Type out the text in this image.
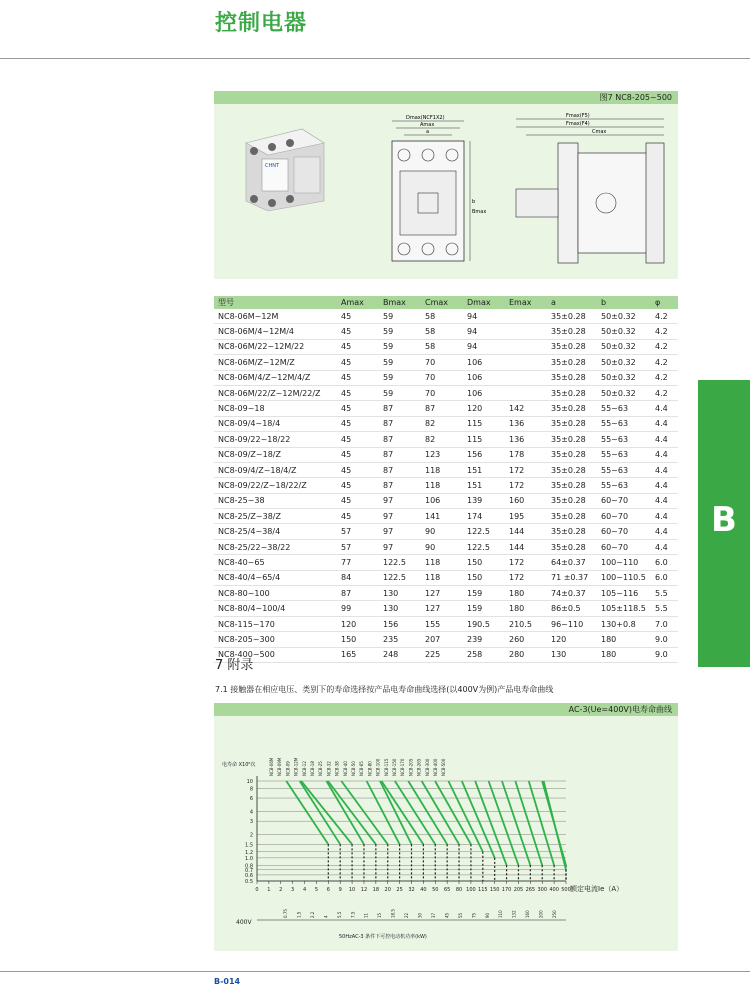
控制电器
图7 NC8-205~500
CHNT
Dmax(NCF1X2)
Amax
a
b
Bmax
Fmax(F5)
Fmax(F4)
Cmax
型号	Amax	Bmax	Cmax	Dmax	Emax	a	b	φ
NC8-06M~12M	45	59	58	94		35±0.28	50±0.32	4.2
NC8-06M/4~12M/4	45	59	58	94		35±0.28	50±0.32	4.2
NC8-06M/22~12M/22	45	59	58	94		35±0.28	50±0.32	4.2
NC8-06M/Z~12M/Z	45	59	70	106		35±0.28	50±0.32	4.2
NC8-06M/4/Z~12M/4/Z	45	59	70	106		35±0.28	50±0.32	4.2
NC8-06M/22/Z~12M/22/Z	45	59	70	106		35±0.28	50±0.32	4.2
NC8-09~18	45	87	87	120	142	35±0.28	55~63	4.4
NC8-09/4~18/4	45	87	82	115	136	35±0.28	55~63	4.4
NC8-09/22~18/22	45	87	82	115	136	35±0.28	55~63	4.4
NC8-09/Z~18/Z	45	87	123	156	178	35±0.28	55~63	4.4
NC8-09/4/Z~18/4/Z	45	87	118	151	172	35±0.28	55~63	4.4
NC8-09/22/Z~18/22/Z	45	87	118	151	172	35±0.28	55~63	4.4
NC8-25~38	45	97	106	139	160	35±0.28	60~70	4.4
NC8-25/Z~38/Z	45	97	141	174	195	35±0.28	60~70	4.4
NC8-25/4~38/4	57	97	90	122.5	144	35±0.28	60~70	4.4
NC8-25/22~38/22	57	97	90	122.5	144	35±0.28	60~70	4.4
NC8-40~65	77	122.5	118	150	172	64±0.37	100~110	6.0
NC8-40/4~65/4	84	122.5	118	150	172	71 ±0.37	100~110.5	6.0
NC8-80~100	87	130	127	159	180	74±0.37	105~116	5.5
NC8-80/4~100/4	99	130	127	159	180	86±0.5	105±118.5	5.5
NC8-115~170	120	156	155	190.5	210.5	96~110	130+0.8	7.0
NC8-205~300	150	235	207	239	260	120	180	9.0
NC8-400~500	165	248	225	258	280	130	180	9.0
B
7 附录
7.1 接触器在相应电压、类别下的寿命选择按产品电寿命曲线选择(以400V为例)产品电寿命曲线
AC-3(Ue=400V)电寿命曲线
10
8
6
4
3
2
1.5
1.2
1.0
0.8
0.7
0.6
0.5
0 1 2 3 4 5 6 9 10 12 18 20 25 32 40 50 65 80 100 115 150 170 205 265 300 400 500
电寿命 X10⁶次
额定电流Ie（A）
NC8-06M NC8-09M NC8-09 NC8-12M NC8-12 NC8-18 NC8-25 NC8-32 NC8-38 NC8-40 NC8-50 NC8-65 NC8-80 NC8-100 NC8-115 NC8-150 NC8-170 NC8-205 NC8-265 NC8-300 NC8-400 NC8-500
400V
0.75 1.5 2.2 4 5.5 7.5 11 15 18.5 22 30 37 45 55 75 90 110 132 160 200 250
50HzAC-3 条件下可控电动机功率(kW)
B-014
